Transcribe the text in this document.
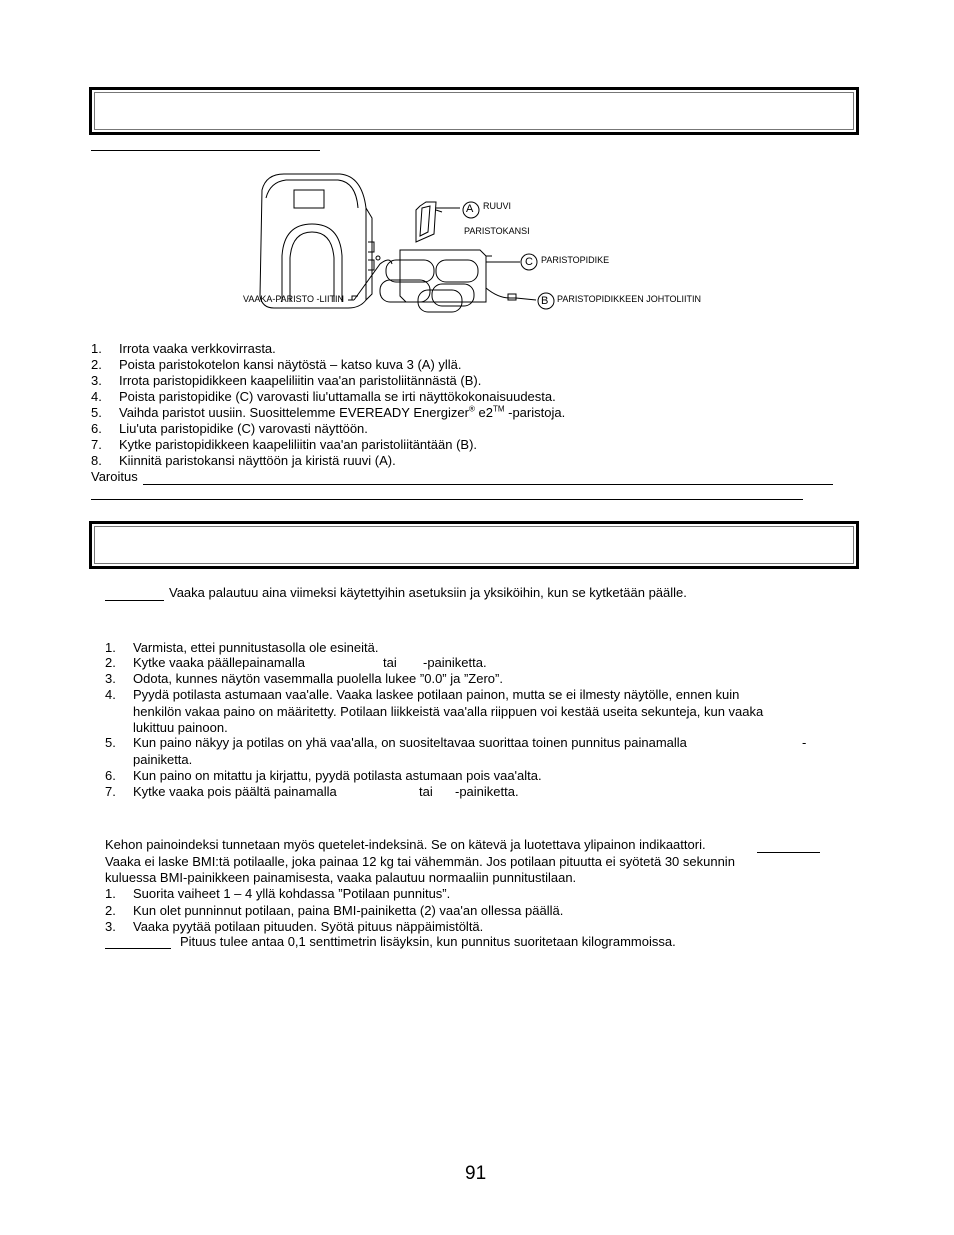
A RUUVI
PARISTOKANSI
C PARISTOPIDIKE
B PARISTOPIDIKKEEN JOHTOLIITIN
VAAKA-PARISTO -LIITIN
1. Irrota vaaka verkkovirrasta.
2. Poista paristokotelon kansi näytöstä – katso kuva 3 (A) yllä.
3. Irrota paristopidikkeen kaapeliliitin vaa'an paristoliitännästä (B).
4. Poista paristopidike (C) varovasti liu'uttamalla se irti näyttökokonaisuudesta.
5. Vaihda paristot uusiin. Suosittelemme EVEREADY Energizer® e2™ -paristoja.
6. Liu'uta paristopidike (C) varovasti näyttöön.
7. Kytke paristopidikkeen kaapeliliitin vaa'an paristoliitäntään (B).
8. Kiinnitä paristokansi näyttöön ja kiristä ruuvi (A).
Varoitus
Vaaka palautuu aina viimeksi käytettyihin asetuksiin ja yksiköihin, kun se kytketään päälle.
1. Varmista, ettei punnitustasolla ole esineitä.
2. Kytke vaaka päällepainamalla	tai -painiketta.
3. Odota, kunnes näytön vasemmalla puolella lukee ”0.0” ja ”Zero”.
4. Pyydä potilasta astumaan vaa'alle. Vaaka laskee potilaan painon, mutta se ei ilmesty näytölle, ennen kuin
henkilön vakaa paino on määritetty. Potilaan liikkeistä vaa'alla riippuen voi kestää useita sekunteja, kun vaaka
lukittuu painoon.
5. Kun paino näkyy ja potilas on yhä vaa'alla, on suositeltavaa suorittaa toinen punnitus painamalla	-
painiketta.
6. Kun paino on mitattu ja kirjattu, pyydä potilasta astumaan pois vaa'alta.
7. Kytke vaaka pois päältä painamalla	tai -painiketta.
Kehon painoindeksi tunnetaan myös quetelet-indeksinä. Se on kätevä ja luotettava ylipainon indikaattori.
Vaaka ei laske BMI:tä potilaalle, joka painaa 12 kg tai vähemmän. Jos potilaan pituutta ei syötetä 30 sekunnin
kuluessa BMI-painikkeen painamisesta, vaaka palautuu normaaliin punnitustilaan.
1. Suorita vaiheet 1 – 4 yllä kohdassa ”Potilaan punnitus”.
2. Kun olet punninnut potilaan, paina BMI-painiketta (2) vaa'an ollessa päällä.
3. Vaaka pyytää potilaan pituuden. Syötä pituus näppäimistöltä.
Pituus tulee antaa 0,1 senttimetrin lisäyksin, kun punnitus suoritetaan kilogrammoissa.
91
